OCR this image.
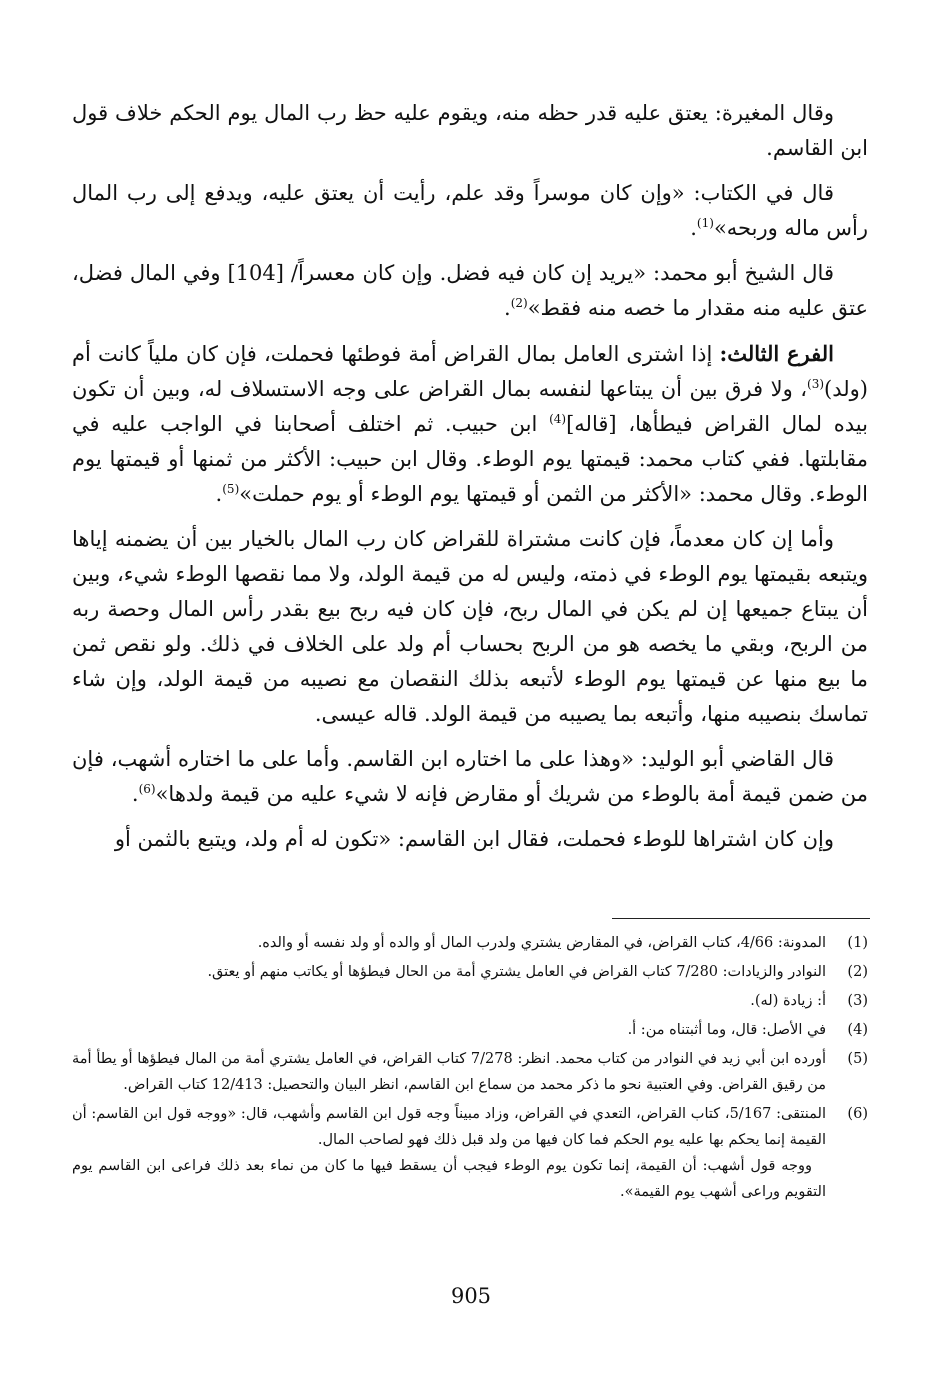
وقال المغيرة: يعتق عليه قدر حظه منه، ويقوم عليه حظ رب المال يوم الحكم خلاف قول ابن القاسم.

قال في الكتاب: «وإن كان موسراً وقد علم، رأيت أن يعتق عليه، ويدفع إلى رب المال رأس ماله وربحه»$^{(1)}$.

قال الشيخ أبو محمد: «يريد إن كان فيه فضل. وإن كان معسراً/ [104] وفي المال فضل، عتق عليه منه مقدار ما خصه منه فقط»$^{(2)}$.

الفرع الثالث: إذا اشترى العامل بمال القراض أمة فوطئها فحملت، فإن كان ملياً كانت أم (ولد)$^{(3)}$، ولا فرق بين أن يبتاعها لنفسه بمال القراض على وجه الاستسلاف له، وبين أن تكون بيده لمال القراض فيطأها، [قاله]$^{(4)}$ ابن حبيب. ثم اختلف أصحابنا في الواجب عليه في مقابلتها. ففي كتاب محمد: قيمتها يوم الوطء. وقال ابن حبيب: الأكثر من ثمنها أو قيمتها يوم الوطء. وقال محمد: «الأكثر من الثمن أو قيمتها يوم الوطء أو يوم حملت»$^{(5)}$.

وأما إن كان معدماً، فإن كانت مشتراة للقراض كان رب المال بالخيار بين أن يضمنه إياها ويتبعه بقيمتها يوم الوطء في ذمته، وليس له من قيمة الولد، ولا مما نقصها الوطء شيء، وبين أن يبتاع جميعها إن لم يكن في المال ربح، فإن كان فيه ربح بيع بقدر رأس المال وحصة ربه من الربح، وبقي ما يخصه هو من الربح بحساب أم ولد على الخلاف في ذلك. ولو نقص ثمن ما بيع منها عن قيمتها يوم الوطء لأتبعه بذلك النقصان مع نصيبه من قيمة الولد، وإن شاء تماسك بنصيبه منها، وأتبعه بما يصيبه من قيمة الولد. قاله عيسى.

قال القاضي أبو الوليد: «وهذا على ما اختاره ابن القاسم. وأما على ما اختاره أشهب، فإن من ضمن قيمة أمة بالوطء من شريك أو مقارض فإنه لا شيء عليه من قيمة ولدها»$^{(6)}$.

وإن كان اشتراها للوطء فحملت، فقال ابن القاسم: «تكون له أم ولد، ويتبع بالثمن أو

(1)
المدونة: 4/66، كتاب القراض، في المقارض يشتري ولدرب المال أو والده أو ولد نفسه أو والده.
(2)
النوادر والزيادات: 7/280 كتاب القراض في العامل يشتري أمة من الحال فيطؤها أو يكاتب منهم أو يعتق.
(3)
أ: زيادة (له).
(4)
في الأصل: قال، وما أثبتناه من: أ.
(5)
أورده ابن أبي زيد في النوادر من كتاب محمد. انظر: 7/278 كتاب القراض، في العامل يشتري أمة من المال فيطؤها أو يطأ أمة من رقيق القراض. وفي العتبية نحو ما ذكر محمد من سماع ابن القاسم، انظر البيان والتحصيل: 12/413 كتاب القراض.
(6)
المنتقى: 5/167، كتاب القراض، التعدي في القراض، وزاد مبيناً وجه قول ابن القاسم وأشهب، قال: «ووجه قول ابن القاسم: أن القيمة إنما يحكم بها عليه يوم الحكم فما كان فيها من ولد قبل ذلك فهو لصاحب المال.
ووجه قول أشهب: أن القيمة، إنما تكون يوم الوطء فيجب أن يسقط فيها ما كان من نماء بعد ذلك فراعى ابن القاسم يوم التقويم وراعى أشهب يوم القيمة».
905
